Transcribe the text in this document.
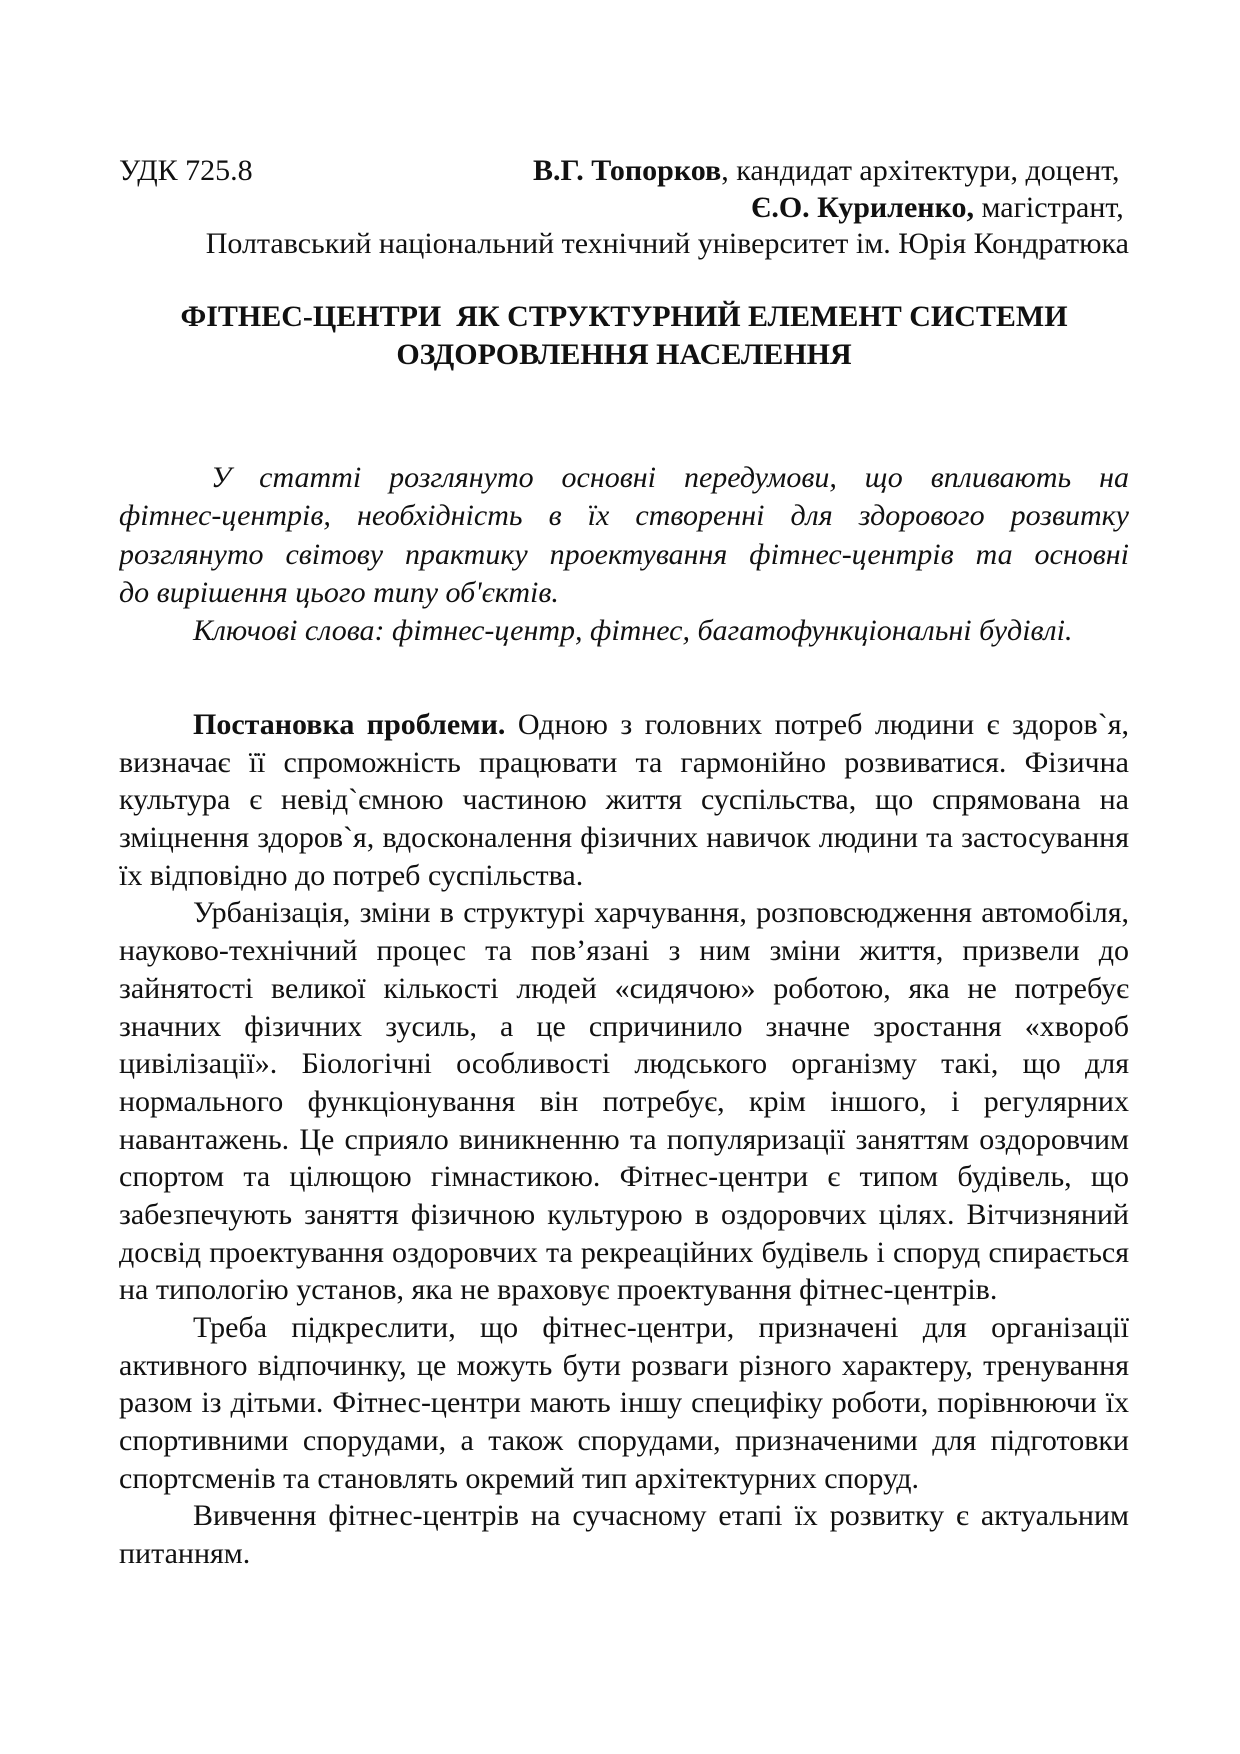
УДК 725.8	В.Г. Топорков, кандидат архітектури, доцент,
Є.О. Куриленко, магістрант,
Полтавський національний технічний університет ім. Юрія Кондратюка
ФІТНЕС-ЦЕНТРИ  ЯК СТРУКТУРНИЙ ЕЛЕМЕНТ СИСТЕМИ
ОЗДОРОВЛЕННЯ НАСЕЛЕННЯ
У статті розглянуто основні передумови, що впливають на
фітнес-центрів, необхідність в їх створенні для здорового розвитку
розглянуто світову практику проектування фітнес-центрів та основні
до вирішення цього типу об'єктів.
Ключові слова: фітнес-центр, фітнес, багатофункціональні будівлі.
Постановка проблеми. Одною з головних потреб людини є здоров`я,
визначає її спроможність працювати та гармонійно розвиватися. Фізична
культура є невід`ємною частиною життя суспільства, що спрямована на
зміцнення здоров`я, вдосконалення фізичних навичок людини та застосування
їх відповідно до потреб суспільства.
Урбанізація, зміни в структурі харчування, розповсюдження автомобіля,
науково-технічний процес та пов’язані з ним зміни життя, призвели до
зайнятості великої кількості людей «сидячою» роботою, яка не потребує
значних фізичних зусиль, а це спричинило значне зростання «хвороб
цивілізації». Біологічні особливості людського організму такі, що для
нормального функціонування він потребує, крім іншого, і регулярних
навантажень. Це сприяло виникненню та популяризації заняттям оздоровчим
спортом та цілющою гімнастикою. Фітнес-центри є типом будівель, що
забезпечують заняття фізичною культурою в оздоровчих цілях. Вітчизняний
досвід проектування оздоровчих та рекреаційних будівель і споруд спирається
на типологію установ, яка не враховує проектування фітнес-центрів.
Треба підкреслити, що фітнес-центри, призначені для організації
активного відпочинку, це можуть бути розваги різного характеру, тренування
разом із дітьми. Фітнес-центри мають іншу специфіку роботи, порівнюючи їх
спортивними спорудами, а також спорудами, призначеними для підготовки
спортсменів та становлять окремий тип архітектурних споруд.
Вивчення фітнес-центрів на сучасному етапі їх розвитку є актуальним
питанням.
